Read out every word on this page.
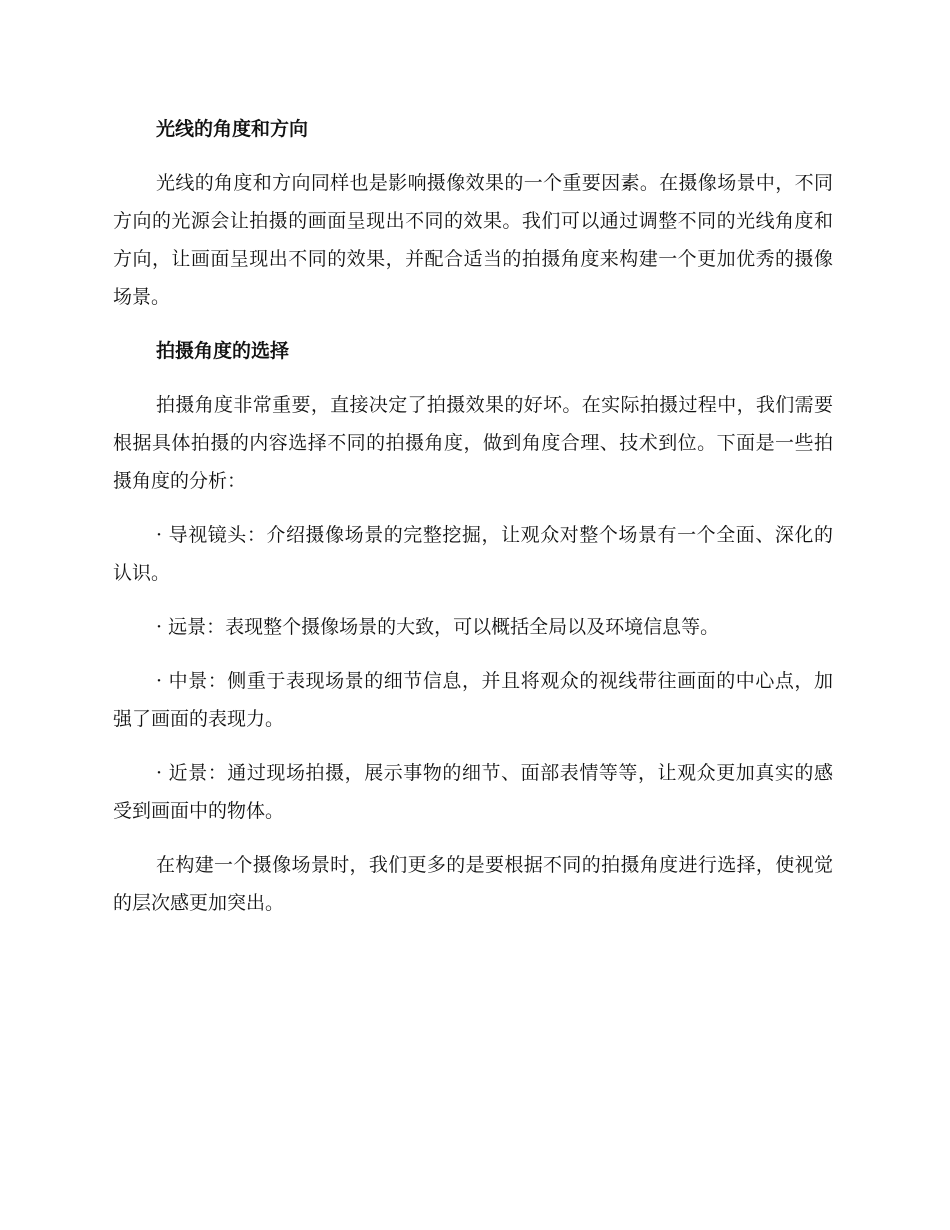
光线的角度和方向

光线的角度和方向同样也是影响摄像效果的一个重要因素。在摄像场景中，不同方向的光源会让拍摄的画面呈现出不同的效果。我们可以通过调整不同的光线角度和方向，让画面呈现出不同的效果，并配合适当的拍摄角度来构建一个更加优秀的摄像场景。

拍摄角度的选择

拍摄角度非常重要，直接决定了拍摄效果的好坏。在实际拍摄过程中，我们需要根据具体拍摄的内容选择不同的拍摄角度，做到角度合理、技术到位。下面是一些拍摄角度的分析：

· 导视镜头：介绍摄像场景的完整挖掘，让观众对整个场景有一个全面、深化的认识。

· 远景：表现整个摄像场景的大致，可以概括全局以及环境信息等。

· 中景：侧重于表现场景的细节信息，并且将观众的视线带往画面的中心点，加强了画面的表现力。

· 近景：通过现场拍摄，展示事物的细节、面部表情等等，让观众更加真实的感受到画面中的物体。

在构建一个摄像场景时，我们更多的是要根据不同的拍摄角度进行选择，使视觉的层次感更加突出。
